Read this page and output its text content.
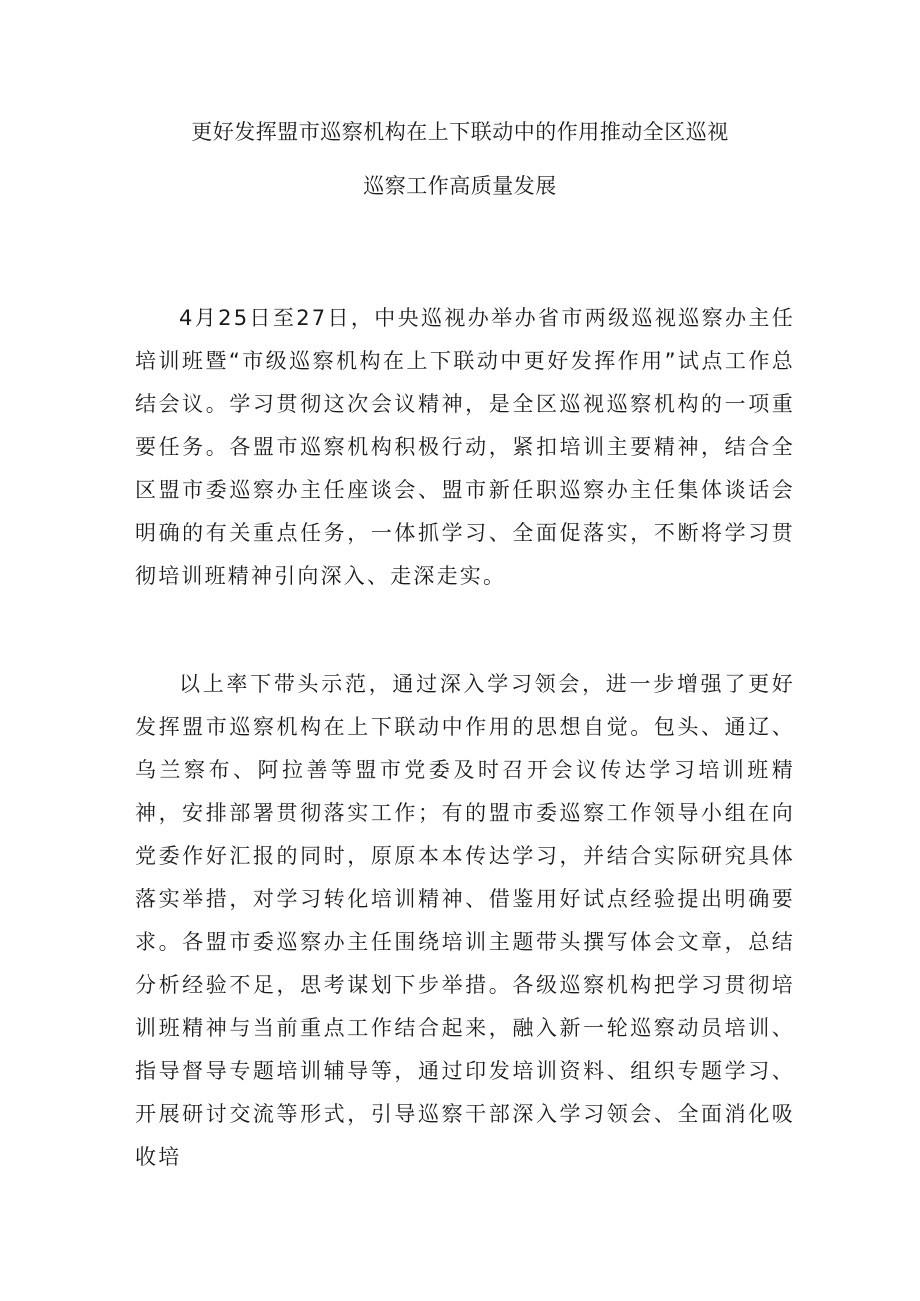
更好发挥盟市巡察机构在上下联动中的作用推动全区巡视
巡察工作高质量发展
4月25日至27日，中央巡视办举办省市两级巡视巡察办主任培训班暨“市级巡察机构在上下联动中更好发挥作用”试点工作总结会议。学习贯彻这次会议精神，是全区巡视巡察机构的一项重要任务。各盟市巡察机构积极行动，紧扣培训主要精神，结合全区盟市委巡察办主任座谈会、盟市新任职巡察办主任集体谈话会明确的有关重点任务，一体抓学习、全面促落实，不断将学习贯彻培训班精神引向深入、走深走实。
以上率下带头示范，通过深入学习领会，进一步增强了更好发挥盟市巡察机构在上下联动中作用的思想自觉。包头、通辽、乌兰察布、阿拉善等盟市党委及时召开会议传达学习培训班精神，安排部署贯彻落实工作；有的盟市委巡察工作领导小组在向党委作好汇报的同时，原原本本传达学习，并结合实际研究具体落实举措，对学习转化培训精神、借鉴用好试点经验提出明确要求。各盟市委巡察办主任围绕培训主题带头撰写体会文章，总结分析经验不足，思考谋划下步举措。各级巡察机构把学习贯彻培训班精神与当前重点工作结合起来，融入新一轮巡察动员培训、指导督导专题培训辅导等，通过印发培训资料、组织专题学习、开展研讨交流等形式，引导巡察干部深入学习领会、全面消化吸收培
